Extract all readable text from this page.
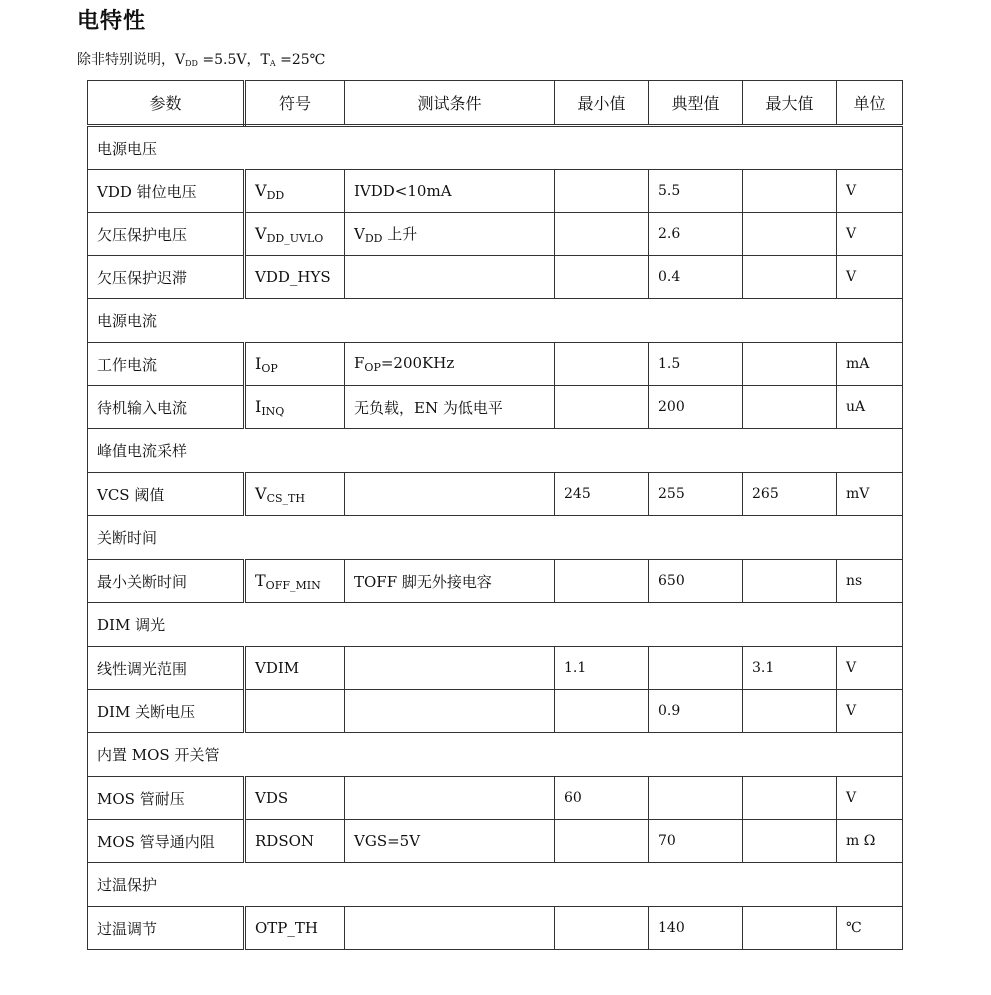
电特性
除非特别说明，$V_{DD} =5.5V$，$T_A$ =25℃
参数	符号	测试条件	最小值	典型值	最大值	单位
电源电压						
VDD 钳位电压	$V_{DD}$	IVDD<10mA		5.5		V
欠压保护电压	$V_{DD\_UVLO}$	$V_{DD}$ 上升		2.6		V
欠压保护迟滞	VDD_HYS			0.4		V
电源电流						
工作电流	$I_{OP}$	$F_{OP}=200KHz$		1.5		mA
待机输入电流	$I_{INQ}$	无负载，EN 为低电平		200		uA
峰值电流采样						
VCS 阈值	$V_{CS\_TH}$		245	255	265	mV
关断时间						
最小关断时间	$T_{OFF\_MIN}$	TOFF 脚无外接电容		650		ns
DIM 调光						
线性调光范围	VDIM		1.1		3.1	V
DIM 关断电压				0.9		V
内置 MOS 开关管						
MOS 管耐压	VDS		60			V
MOS 管导通内阻	RDSON	VGS=5V		70		m Ω
过温保护						
过温调节	OTP_TH			140		℃
